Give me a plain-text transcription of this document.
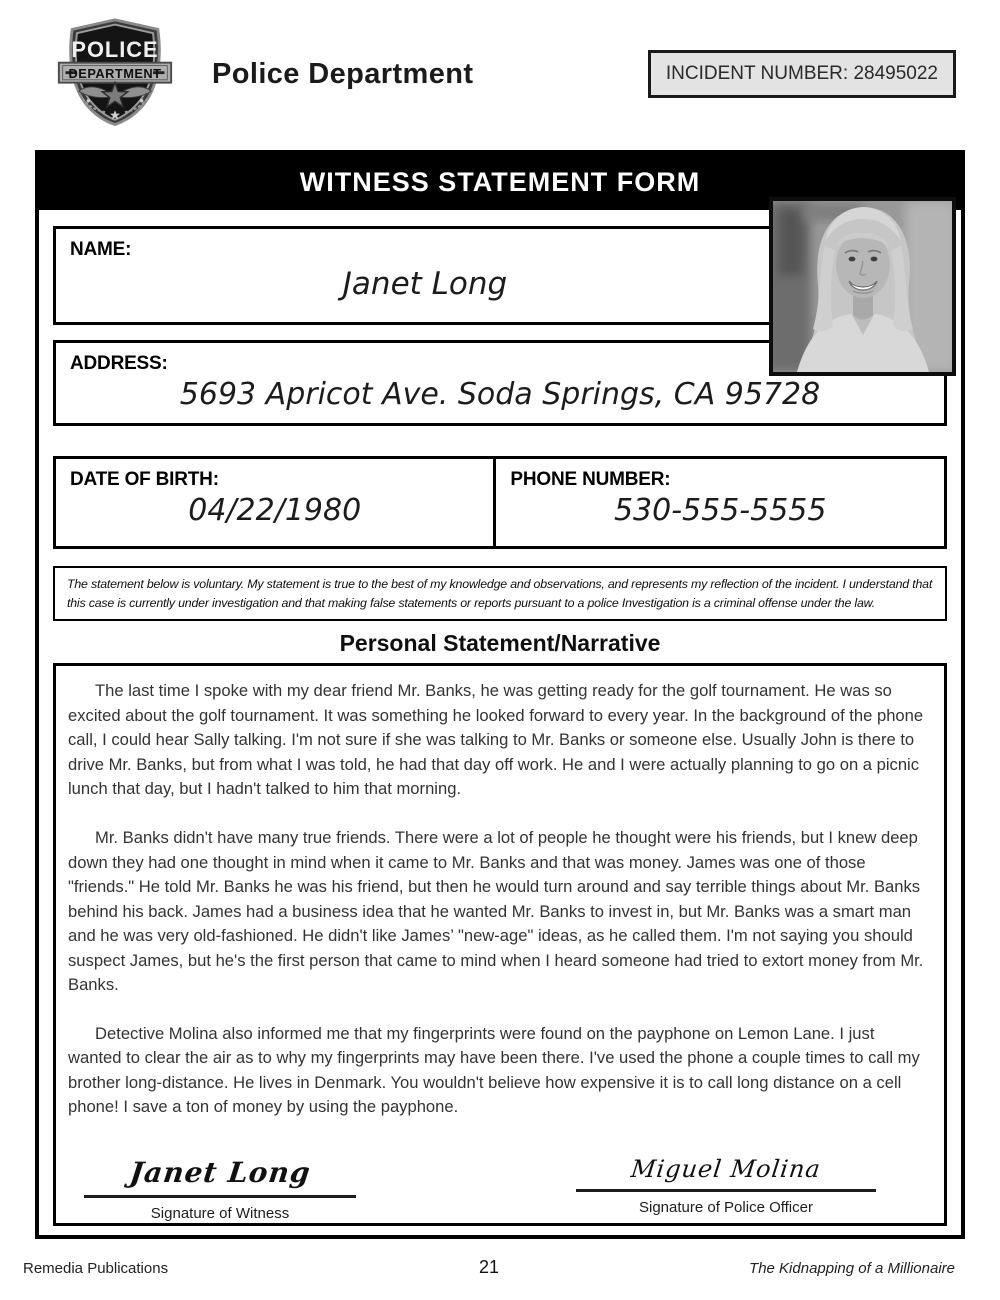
POLICE
DEPARTMENT Police Department	INCIDENT NUMBER: 28495022
WITNESS STATEMENT FORM
NAME:
Janet Long
ADDRESS:
5693 Apricot Ave. Soda Springs, CA 95728
DATE OF BIRTH:
04/22/1980
PHONE NUMBER:
530-555-5555
The statement below is voluntary. My statement is true to the best of my knowledge and observations, and represents my reflection of the incident. I understand that this case is currently under investigation and that making false statements or reports pursuant to a police Investigation is a criminal offense under the law.
Personal Statement/Narrative

The last time I spoke with my dear friend Mr. Banks, he was getting ready for the golf tournament. He was so excited about the golf tournament. It was something he looked forward to every year. In the background of the phone call, I could hear Sally talking. I'm not sure if she was talking to Mr. Banks or someone else. Usually John is there to drive Mr. Banks, but from what I was told, he had that day off work. He and I were actually planning to go on a picnic lunch that day, but I hadn't talked to him that morning.

Mr. Banks didn't have many true friends. There were a lot of people he thought were his friends, but I knew deep down they had one thought in mind when it came to Mr. Banks and that was money. James was one of those "friends." He told Mr. Banks he was his friend, but then he would turn around and say terrible things about Mr. Banks behind his back. James had a business idea that he wanted Mr. Banks to invest in, but Mr. Banks was a smart man and he was very old-fashioned. He didn't like James’ "new-age" ideas, as he called them. I'm not saying you should suspect James, but he's the first person that came to mind when I heard someone had tried to extort money from Mr. Banks.

Detective Molina also informed me that my fingerprints were found on the payphone on Lemon Lane. I just wanted to clear the air as to why my fingerprints may have been there. I've used the phone a couple times to call my brother long-distance. He lives in Denmark. You wouldn't believe how expensive it is to call long distance on a cell phone! I save a ton of money by using the payphone.

Janet Long
Signature of Witness
Miguel Molina
Signature of Police Officer
Remedia Publications	21	The Kidnapping of a Millionaire
